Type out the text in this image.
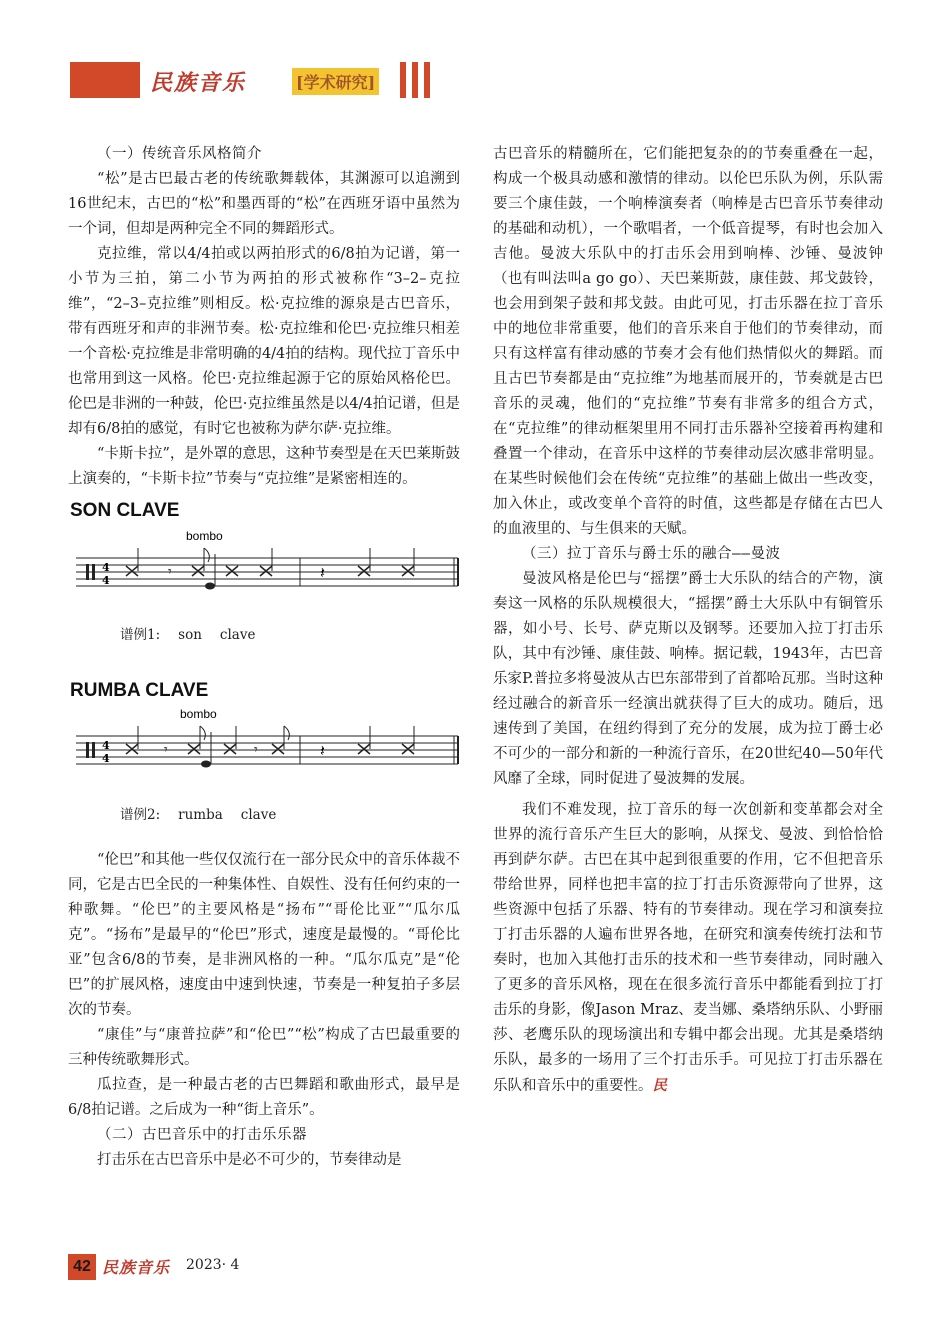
民族音乐	[学术研究]
（一）传统音乐风格简介

“松”是古巴最古老的传统歌舞载体，其渊源可以追溯到16世纪末，古巴的“松”和墨西哥的“松”在西班牙语中虽然为一个词，但却是两种完全不同的舞蹈形式。

克拉维，常以4/4拍或以两拍形式的6/8拍为记谱，第一小节为三拍，第二小节为两拍的形式被称作“3–2–克拉维”，“2–3–克拉维”则相反。松·克拉维的源泉是古巴音乐，带有西班牙和声的非洲节奏。松·克拉维和伦巴·克拉维只相差一个音松·克拉维是非常明确的4/4拍的结构。现代拉丁音乐中也常用到这一风格。伦巴·克拉维起源于它的原始风格伦巴。伦巴是非洲的一种鼓，伦巴·克拉维虽然是以4/4拍记谱，但是却有6/8拍的感觉，有时它也被称为萨尔萨·克拉维。

“卡斯卡拉”，是外罩的意思，这种节奏型是在天巴莱斯鼓上演奏的，“卡斯卡拉”节奏与“克拉维”是紧密相连的。

SON CLAVE
bombo
4
4
𝄾	𝄽
谱例1: son clave
RUMBA CLAVE
bombo
4
4
𝄾	𝄾	𝄽
谱例2: rumba clave

“伦巴”和其他一些仅仅流行在一部分民众中的音乐体裁不同，它是古巴全民的一种集体性、自娱性、没有任何约束的一种歌舞。“伦巴”的主要风格是“扬布”“哥伦比亚”“瓜尔瓜克”。“扬布”是最早的“伦巴”形式，速度是最慢的。“哥伦比亚”包含6/8的节奏，是非洲风格的一种。“瓜尔瓜克”是“伦巴”的扩展风格，速度由中速到快速，节奏是一种复拍子多层次的节奏。

“康佳”与“康普拉萨”和“伦巴”“松”构成了古巴最重要的三种传统歌舞形式。

瓜拉查，是一种最古老的古巴舞蹈和歌曲形式，最早是6/8拍记谱。之后成为一种“街上音乐”。

（二）古巴音乐中的打击乐乐器

打击乐在古巴音乐中是必不可少的，节奏律动是

古巴音乐的精髓所在，它们能把复杂的的节奏重叠在一起，构成一个极具动感和激情的律动。以伦巴乐队为例，乐队需要三个康佳鼓，一个响棒演奏者（响棒是古巴音乐节奏律动的基础和动机），一个歌唱者，一个低音提琴，有时也会加入吉他。曼波大乐队中的打击乐会用到响棒、沙锤、曼波钟（也有叫法叫a go go）、天巴莱斯鼓，康佳鼓、邦戈鼓铃，也会用到架子鼓和邦戈鼓。由此可见，打击乐器在拉丁音乐中的地位非常重要，他们的音乐来自于他们的节奏律动，而只有这样富有律动感的节奏才会有他们热情似火的舞蹈。而且古巴节奏都是由“克拉维”为地基而展开的，节奏就是古巴音乐的灵魂，他们的“克拉维”节奏有非常多的组合方式，在“克拉维”的律动框架里用不同打击乐器补空接着再构建和叠置一个律动，在音乐中这样的节奏律动层次感非常明显。在某些时候他们会在传统“克拉维”的基础上做出一些改变，加入休止，或改变单个音符的时值，这些都是存储在古巴人的血液里的、与生俱来的天赋。

（三）拉丁音乐与爵士乐的融合——曼波

曼波风格是伦巴与“摇摆”爵士大乐队的结合的产物，演奏这一风格的乐队规模很大，“摇摆”爵士大乐队中有铜管乐器，如小号、长号、萨克斯以及钢琴。还要加入拉丁打击乐队，其中有沙锤、康佳鼓、响棒。据记载，1943年，古巴音乐家P.普拉多将曼波从古巴东部带到了首都哈瓦那。当时这种经过融合的新音乐一经演出就获得了巨大的成功。随后，迅速传到了美国，在纽约得到了充分的发展，成为拉丁爵士必不可少的一部分和新的一种流行音乐，在20世纪40—50年代风靡了全球，同时促进了曼波舞的发展。

我们不难发现，拉丁音乐的每一次创新和变革都会对全世界的流行音乐产生巨大的影响，从探戈、曼波、到恰恰恰再到萨尔萨。古巴在其中起到很重要的作用，它不但把音乐带给世界，同样也把丰富的拉丁打击乐资源带向了世界，这些资源中包括了乐器、特有的节奏律动。现在学习和演奏拉丁打击乐器的人遍布世界各地，在研究和演奏传统打法和节奏时，也加入其他打击乐的技术和一些节奏律动，同时融入了更多的音乐风格，现在在很多流行音乐中都能看到拉丁打击乐的身影，像Jason Mraz、麦当娜、桑塔纳乐队、小野丽莎、老鹰乐队的现场演出和专辑中都会出现。尤其是桑塔纳乐队，最多的一场用了三个打击乐手。可见拉丁打击乐器在乐队和音乐中的重要性。民

42 民族音乐 2023· 4
